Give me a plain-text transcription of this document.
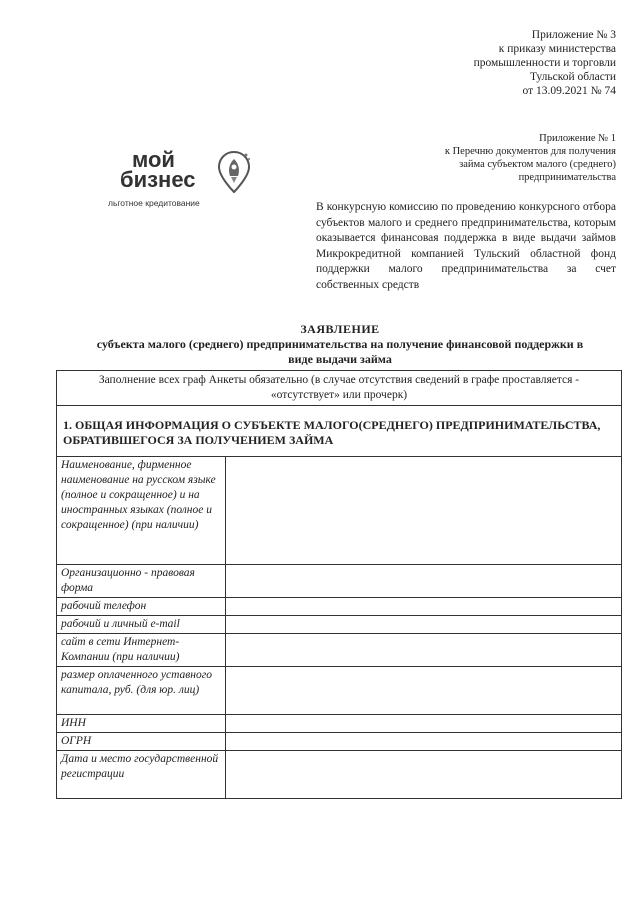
Приложение № 3
к приказу министерства
промышленности и торговли
Тульской области
от 13.09.2021 № 74
Приложение № 1
к Перечню документов для получения
займа субъектом малого (среднего)
предпринимательства
мой
бизнес
льготное кредитование	В конкурсную комиссию по проведению конкурсного отбора субъектов малого и среднего предпринимательства, которым оказывается финансовая поддержка в виде выдачи займов Микрокредитной компанией Тульский областной фонд поддержки малого предпринимательства за счет собственных средств
ЗАЯВЛЕНИЕ
субъекта малого (среднего) предпринимательства на получение финансовой поддержки в
виде выдачи займа
Заполнение всех граф Анкеты обязательно (в случае отсутствия сведений в графе проставляется - «отсутствует» или прочерк)	
1. ОБЩАЯ ИНФОРМАЦИЯ О СУБЪЕКТЕ МАЛОГО(СРЕДНЕГО) ПРЕДПРИНИМАТЕЛЬСТВА, ОБРАТИВШЕГОСЯ ЗА ПОЛУЧЕНИЕМ ЗАЙМА	
Наименование, фирменное наименование на русском языке (полное и сокращенное) и на иностранных языках (полное и сокращенное) (при наличии)	
Организационно - правовая форма	
рабочий телефон	
рабочий и личный e-mail	
сайт в сети Интернет-Компании (при наличии)	
размер оплаченного уставного капитала, руб. (для юр. лиц)	
ИНН	
ОГРН	
Дата и место государственной регистрации	
